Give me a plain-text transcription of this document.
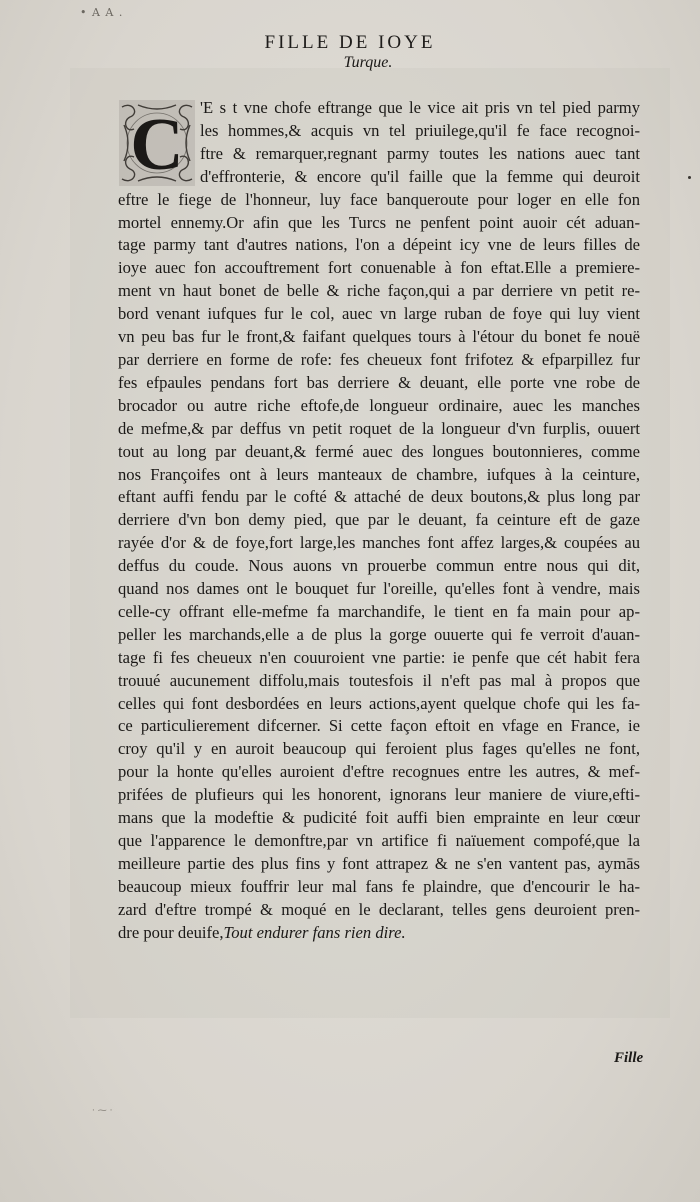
• A A .
FILLE DE IOYE
Turque.
C 'E s t vne chofe eftrange que le vice ait pris vn tel pied parmy
les hommes,& acquis vn tel priuilege,qu'il fe face recognoi-
ftre & remarquer,regnant parmy toutes les nations auec tant
d'effronterie, & encore qu'il faille que la femme qui deuroit
eftre le fiege de l'honneur, luy face banqueroute pour loger en elle fon
mortel ennemy.Or afin que les Turcs ne penfent point auoir cét aduan-
tage parmy tant d'autres nations, l'on a dépeint icy vne de leurs filles de
ioye auec fon accouftrement fort conuenable à fon eftat.Elle a premiere-
ment vn haut bonet de belle & riche façon,qui a par derriere vn petit re-
bord venant iufques fur le col, auec vn large ruban de foye qui luy vient
vn peu bas fur le front,& faifant quelques tours à l'étour du bonet fe nouë
par derriere en forme de rofe: fes cheueux font frifotez & efparpillez fur
fes efpaules pendans fort bas derriere & deuant, elle porte vne robe de
brocador ou autre riche eftofe,de longueur ordinaire, auec les manches
de mefme,& par deffus vn petit roquet de la longueur d'vn furplis, ouuert
tout au long par deuant,& fermé auec des longues boutonnieres, comme
nos Françoifes ont à leurs manteaux de chambre, iufques à la ceinture,
eftant auffi fendu par le cofté & attaché de deux boutons,& plus long par
derriere d'vn bon demy pied, que par le deuant, fa ceinture eft de gaze
rayée d'or & de foye,fort large,les manches font affez larges,& coupées au
deffus du coude. Nous auons vn prouerbe commun entre nous qui dit,
quand nos dames ont le bouquet fur l'oreille, qu'elles font à vendre, mais
celle-cy offrant elle-mefme fa marchandife, le tient en fa main pour ap-
peller les marchands,elle a de plus la gorge ouuerte qui fe verroit d'auan-
tage fi fes cheueux n'en couuroient vne partie: ie penfe que cét habit fera
trouué aucunement diffolu,mais toutesfois il n'eft pas mal à propos que
celles qui font desbordées en leurs actions,ayent quelque chofe qui les fa-
ce particulierement difcerner. Si cette façon eftoit en vfage en France, ie
croy qu'il y en auroit beaucoup qui feroient plus fages qu'elles ne font,
pour la honte qu'elles auroient d'eftre recognues entre les autres, & mef-
prifées de plufieurs qui les honorent, ignorans leur maniere de viure,efti-
mans que la modeftie & pudicité foit auffi bien emprainte en leur cœur
que l'apparence le demonftre,par vn artifice fi naïuement compofé,que la
meilleure partie des plus fins y font attrapez & ne s'en vantent pas, aymās
beaucoup mieux fouffrir leur mal fans fe plaindre, que d'encourir le ha-
zard d'eftre trompé & moqué en le declarant, telles gens deuroient pren-
dre pour deuife,Tout endurer fans rien dire.
Fille
· ⁓ ·
